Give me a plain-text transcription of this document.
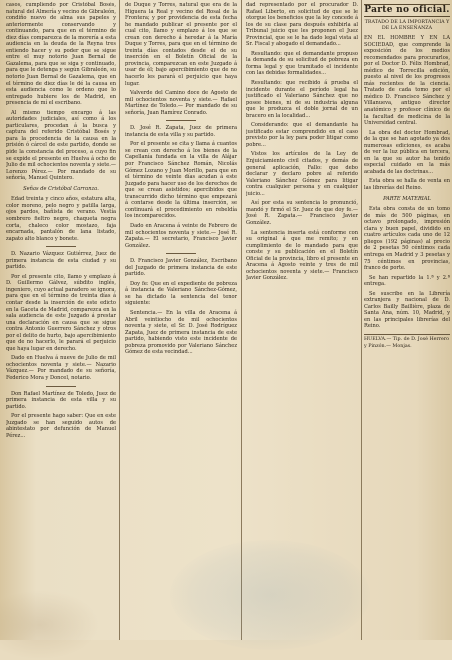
casos, cumpliendo por Cristóbal Bosés, natural del Almería y vecino de Gibraleón, condiño nuevo de alma sus papeles y anteriormente conservando y continuando, para que en el término de diez días comparezca de la morería a esta audiencia en la deuda de la Reyna tres entiendo hacer y su poder que se sigue entre el muy notorio Juan Bernal de Gazalema, para que se siga y continuado, para que le detenga y según Gibraleón, su notorio Juan Bernal de Gazalema, que en el término de diez días le dé la causa en esta audiencia como le ordeno que lo entregado hubiere los de Madrid, en presencia de mí el escribano.

Al mismo tiempo encargo á las autoridades judiciales, así como á los particulares, procedan á la busca y captura del referido Cristóbal Bosés y para la procedencia de la causa en la prisión ó cárcel de este partido, donde se pide la constancia del proceso, a cuyo fin se expide el presente en Huelva á ocho de Julio de mil ochocientos noventa y siete.— Lorenzo Pérez.— Por mandado de su señoría, Manuel Quintero.

Señas de Cristóbal Carranza.

Edad treinta y cinco años, estatura alta, color moreno, pelo negro y patilla larga, ojos pardos, bañista de verano. Vestía sombrero fieltro negro, chaqueta negra corta, chaleco color mostazo, faja encarnada, pantalón de lana listado, zapato alto blanco y bonete.

D. Nazario Vázquez Gutiérrez, Juez de primera instancia de esta ciudad y su partido.

Por el presente cito, llamo y emplazo á D. Guillermo Gálvez, súbdito inglés, ingeniero, cuyo actual paradero se ignora, para que en el término de treinta días á contar desde la inserción de este edicto en la Gaceta de Madrid, comparezca en la sala audiencia de este Juzgado á prestar una declaración en causa que se sigue contra Antonio Guerrero Sánchez y otros por el delito de hurto, bajo apercibimiento que de no hacerlo, le parará el perjuicio que haya lugar en derecho.

Dado en Huelva á nueve de Julio de mil ochocientos noventa y siete.— Nazario Vázquez.— Por mandado de su señoría, Federico Mora y Doncel, notario.

Don Rafael Martínez de Toledo, Juez de primera instancia de esta villa y su partido.

Por el presente hago saber: Que en este Juzgado se han seguido autos de abintestato por defunción de Manuel Pérez...

de Duque y Torres, natural que era de la Higuera la Real y vecino del Rosal de la Frontera; y por providencia de esta fecha he mandado publicar el presente por el cual cito, llamo y emplazo á los que se crean con derecho á heredar á la María Duque y Torres, para que en el término de treinta días contados desde el de su inserción en el Boletín Oficial de la provincia, comparezcan en este Juzgado á usar de él; bajo apercibimiento que de no hacerlo les parará el perjuicio que haya lugar.

Valverde del Camino doce de Agosto de mil ochocientos noventa y siete.— Rafael Martínez de Toledo.— Por mandado de su señoría, Juan Ramírez Conrado.

D. José R. Zapata, Juez de primera instancia de esta villa y su partido.

Por el presente se cita y llama á cuantos se crean con derecho á los bienes de la Capellanía fundada en la villa de Alájar por Francisco Sánchez Román, Nicolás Gómez Lozano y Juan Morillo, para que en el término de veinte días acudan á este Juzgado para hacer uso de los derechos de que se crean asistidos; apercibidos que transcurrido dicho término que empezará á contarse desde la última inserción, se continuará el procedimiento en rebeldía los incomparecidos.

Dado en Aracena á veinte de Febrero de mil ochocientos noventa y siete.— José R. Zapata.— El secretario, Francisco Javier González.

D. Francisco Javier González, Escribano del Juzgado de primera instancia de este partido.

Doy fe: Que en el expediente de pobreza á instancia de Valeriano Sánchez-Gómez, se ha dictado la sentencia del tenor siguiente:

Sentencia.— En la villa de Aracena á Abril veintiocho de mil ochocientos noventa y siete, el Sr. D. José Rodríguez Zapata, Juez de primera instancia de este partido, habiendo visto este incidente de pobreza promovido por Valeriano Sánchez Gómez de esta vecindad...

dad representado por el procurador D. Rafael Liberto, en solicitud de que se le otorgue los beneficios que la ley concede á los de su clase para después exhibirla al Tribunal juicio que les proponen el Juez Provincial, que se le ha dado legal vista al Sr. Fiscal y abogado el demandado...

Resultando: que el demandante propuso la demanda de su solicitud de pobreza en forma legal y que tramitado el incidente con las debidas formalidades...

Resultando: que recibido á prueba el incidente durante el período legal ha justificado el Valeriano Sánchez que no posee bienes, ni de su industria alguna que le produzca el doble jornal de un bracero en la localidad...

Considerando: que el demandante ha justificado estar comprendido en el caso previsto por la ley para poder litigar como pobre...

Vistos los artículos de la Ley de Enjuiciamiento civil citados, y demás de general aplicación, Fallo: que debo declarar y declaro pobre al referido Valeriano Sánchez Gómez para litigar contra cualquier persona y en cualquier juicio...

Así por esta su sentencia lo pronunció, mandó y firmó el Sr. Juez de que doy fe.— José R. Zapata.— Francisco Javier González.

La sentencia inserta está conforme con su original á que me remito; y en cumplimiento de lo mandado para que conste y su publicación en el Boletín Oficial de la provincia, libro el presente en Aracena á Agosto veinte y tres de mil ochocientos noventa y siete.— Francisco Javier González.

Parte no oficial.
TRATADO DE LA IMPORTANCIA Y DE LA ENSEÑANZA

EN EL HOMBRE Y EN LA SOCIEDAD, que comprende la exposición de los medios recomendados para procurarlos, por el Doctor D. Félix Hombrad, médico de Torrecilla edición, puesto al nivel de los progresos más recientes de la ciencia. Tratado de cada tomo por el médico D. Francisco Sánchez y Villanueva, antiguo director anatómico y profesor clínico de la facultad de medicina de la Universidad central.

La obra del doctor Hombrad, de la que se han agotado ya dos numerosas ediciones, es acaba de ver la luz pública en tercera, en la que su autor ha tenido especial cuidado en la más acabada de las doctrinas...

Esta obra se halla de venta en las librerías del Reino.

PARTE MATERIAL

Esta obra consta de un tomo de más de 500 páginas, en octavo prolongado, impresión clara y buen papel, dividido en cuatro artículos cada uno de 12 pliegos (192 páginas) al precio de 2 pesetas 50 céntimos cada entrega en Madrid y 3 pesetas y 75 céntimos en provincias, franco de porte.

Se han repartido la 1.ª y 2.ª entrega.

Se suscribe en la Librería extranjera y nacional de D. Carlos Bailly Baillière, plaza de Santa Ana, núm. 10, Madrid, y en las principales librerías del Reino.

HUELVA.— Tip. de D. José Herrero y Pinzón.— Monjas.
